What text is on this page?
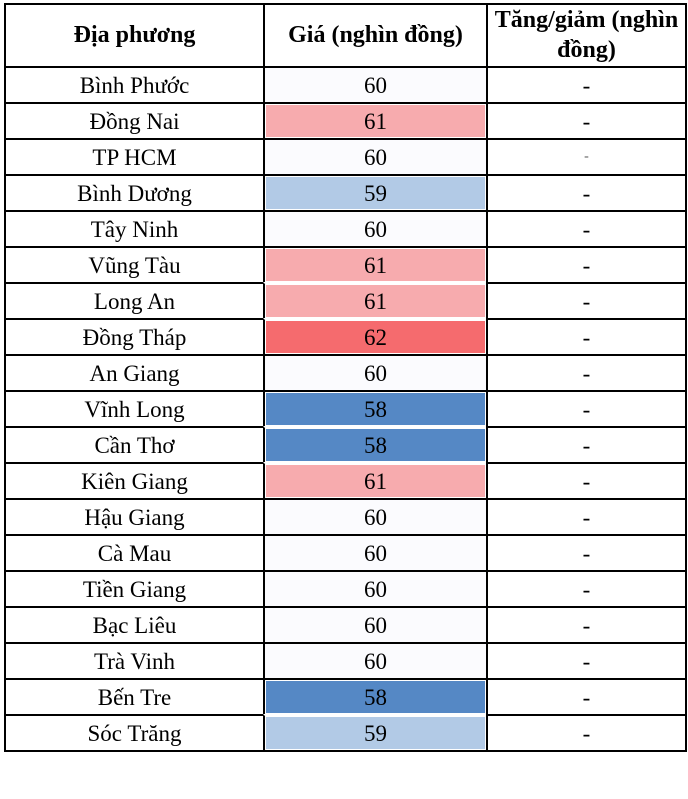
Địa phương	Giá (nghìn đồng)	Tăng/giảm (nghìn đồng)
Bình Phước	60	-
Đồng Nai	61	-
TP HCM	60	-
Bình Dương	59	-
Tây Ninh	60	-
Vũng Tàu	61	-
Long An	61	-
Đồng Tháp	62	-
An Giang	60	-
Vĩnh Long	58	-
Cần Thơ	58	-
Kiên Giang	61	-
Hậu Giang	60	-
Cà Mau	60	-
Tiền Giang	60	-
Bạc Liêu	60	-
Trà Vinh	60	-
Bến Tre	58	-
Sóc Trăng	59	-
